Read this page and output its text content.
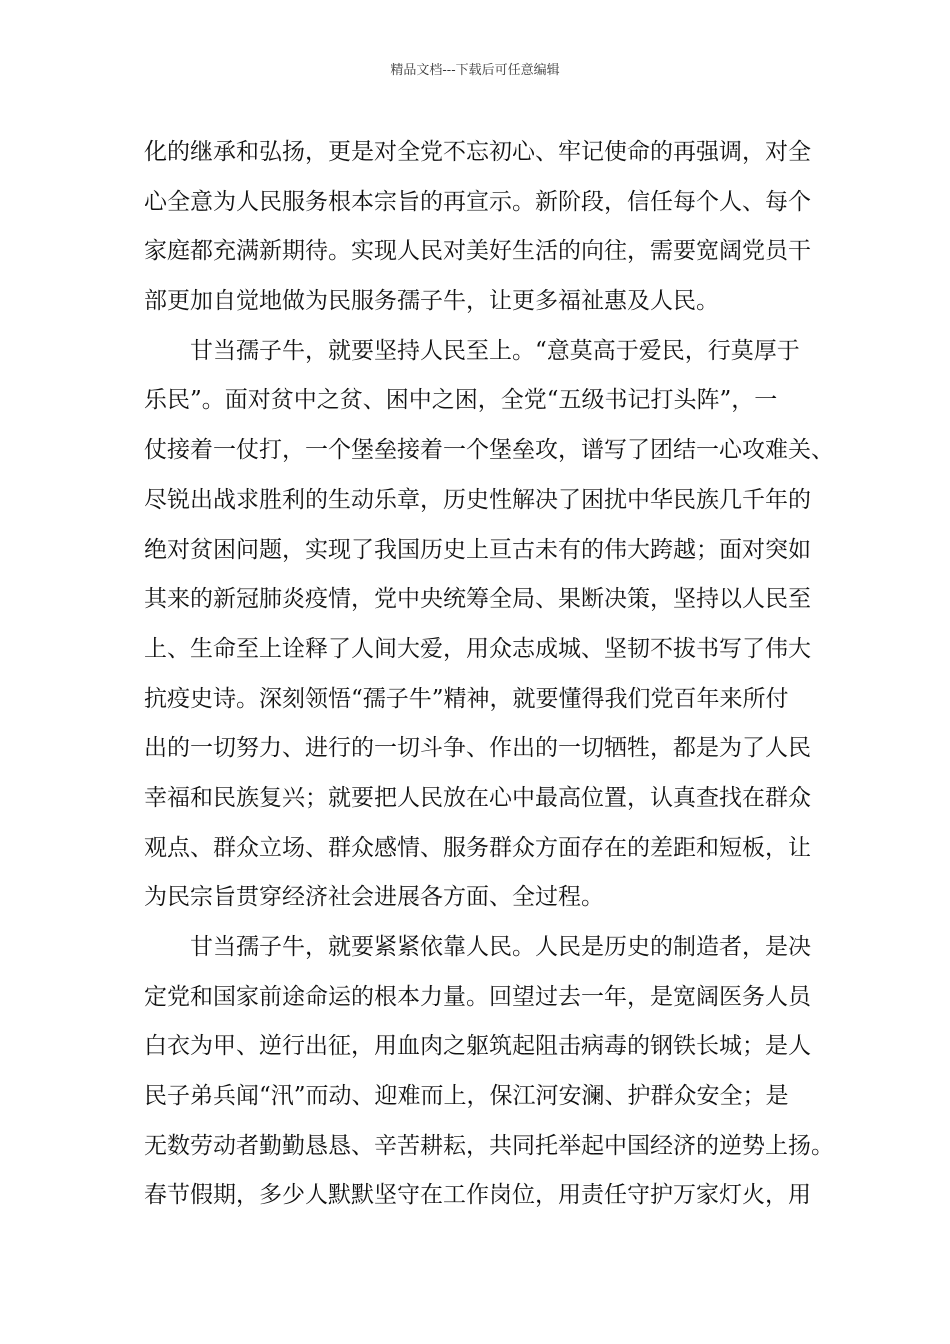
精品文档---下载后可任意编辑
化的继承和弘扬，更是对全党不忘初心、牢记使命的再强调，对全
心全意为人民服务根本宗旨的再宣示。新阶段，信任每个人、每个
家庭都充满新期待。实现人民对美好生活的向往，需要宽阔党员干
部更加自觉地做为民服务孺子牛，让更多福祉惠及人民。
　　甘当孺子牛，就要坚持人民至上。“意莫高于爱民，行莫厚于
乐民”。面对贫中之贫、困中之困，全党“五级书记打头阵”，一
仗接着一仗打，一个堡垒接着一个堡垒攻，谱写了团结一心攻难关、
尽锐出战求胜利的生动乐章，历史性解决了困扰中华民族几千年的
绝对贫困问题，实现了我国历史上亘古未有的伟大跨越；面对突如
其来的新冠肺炎疫情，党中央统筹全局、果断决策，坚持以人民至
上、生命至上诠释了人间大爱，用众志成城、坚韧不拔书写了伟大
抗疫史诗。深刻领悟“孺子牛”精神，就要懂得我们党百年来所付
出的一切努力、进行的一切斗争、作出的一切牺牲，都是为了人民
幸福和民族复兴；就要把人民放在心中最高位置，认真查找在群众
观点、群众立场、群众感情、服务群众方面存在的差距和短板，让
为民宗旨贯穿经济社会进展各方面、全过程。
　　甘当孺子牛，就要紧紧依靠人民。人民是历史的制造者，是决
定党和国家前途命运的根本力量。回望过去一年，是宽阔医务人员
白衣为甲、逆行出征，用血肉之躯筑起阻击病毒的钢铁长城；是人
民子弟兵闻“汛”而动、迎难而上，保江河安澜、护群众安全；是
无数劳动者勤勤恳恳、辛苦耕耘，共同托举起中国经济的逆势上扬。
春节假期，多少人默默坚守在工作岗位，用责任守护万家灯火，用
